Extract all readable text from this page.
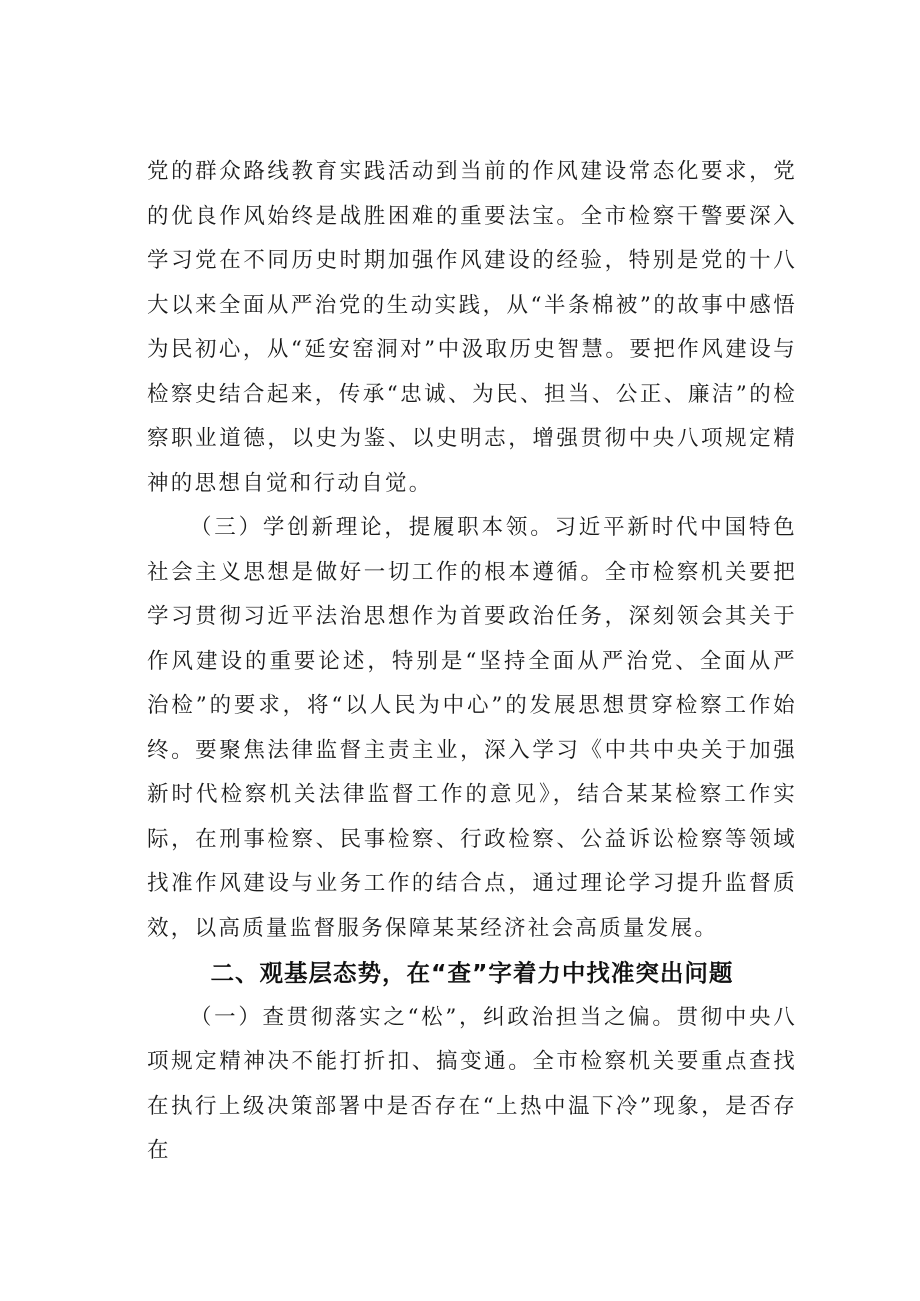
党的群众路线教育实践活动到当前的作风建设常态化要求，党的优良作风始终是战胜困难的重要法宝。全市检察干警要深入学习党在不同历史时期加强作风建设的经验，特别是党的十八大以来全面从严治党的生动实践，从“半条棉被”的故事中感悟为民初心，从“延安窑洞对”中汲取历史智慧。要把作风建设与检察史结合起来，传承“忠诚、为民、担当、公正、廉洁”的检察职业道德，以史为鉴、以史明志，增强贯彻中央八项规定精神的思想自觉和行动自觉。

（三）学创新理论，提履职本领。习近平新时代中国特色社会主义思想是做好一切工作的根本遵循。全市检察机关要把学习贯彻习近平法治思想作为首要政治任务，深刻领会其关于作风建设的重要论述，特别是“坚持全面从严治党、全面从严治检”的要求，将“以人民为中心”的发展思想贯穿检察工作始终。要聚焦法律监督主责主业，深入学习《中共中央关于加强新时代检察机关法律监督工作的意见》，结合某某检察工作实际，在刑事检察、民事检察、行政检察、公益诉讼检察等领域找准作风建设与业务工作的结合点，通过理论学习提升监督质效，以高质量监督服务保障某某经济社会高质量发展。

二、观基层态势，在“查”字着力中找准突出问题

（一）查贯彻落实之“松”，纠政治担当之偏。贯彻中央八项规定精神决不能打折扣、搞变通。全市检察机关要重点查找在执行上级决策部署中是否存在“上热中温下冷”现象，是否存在
